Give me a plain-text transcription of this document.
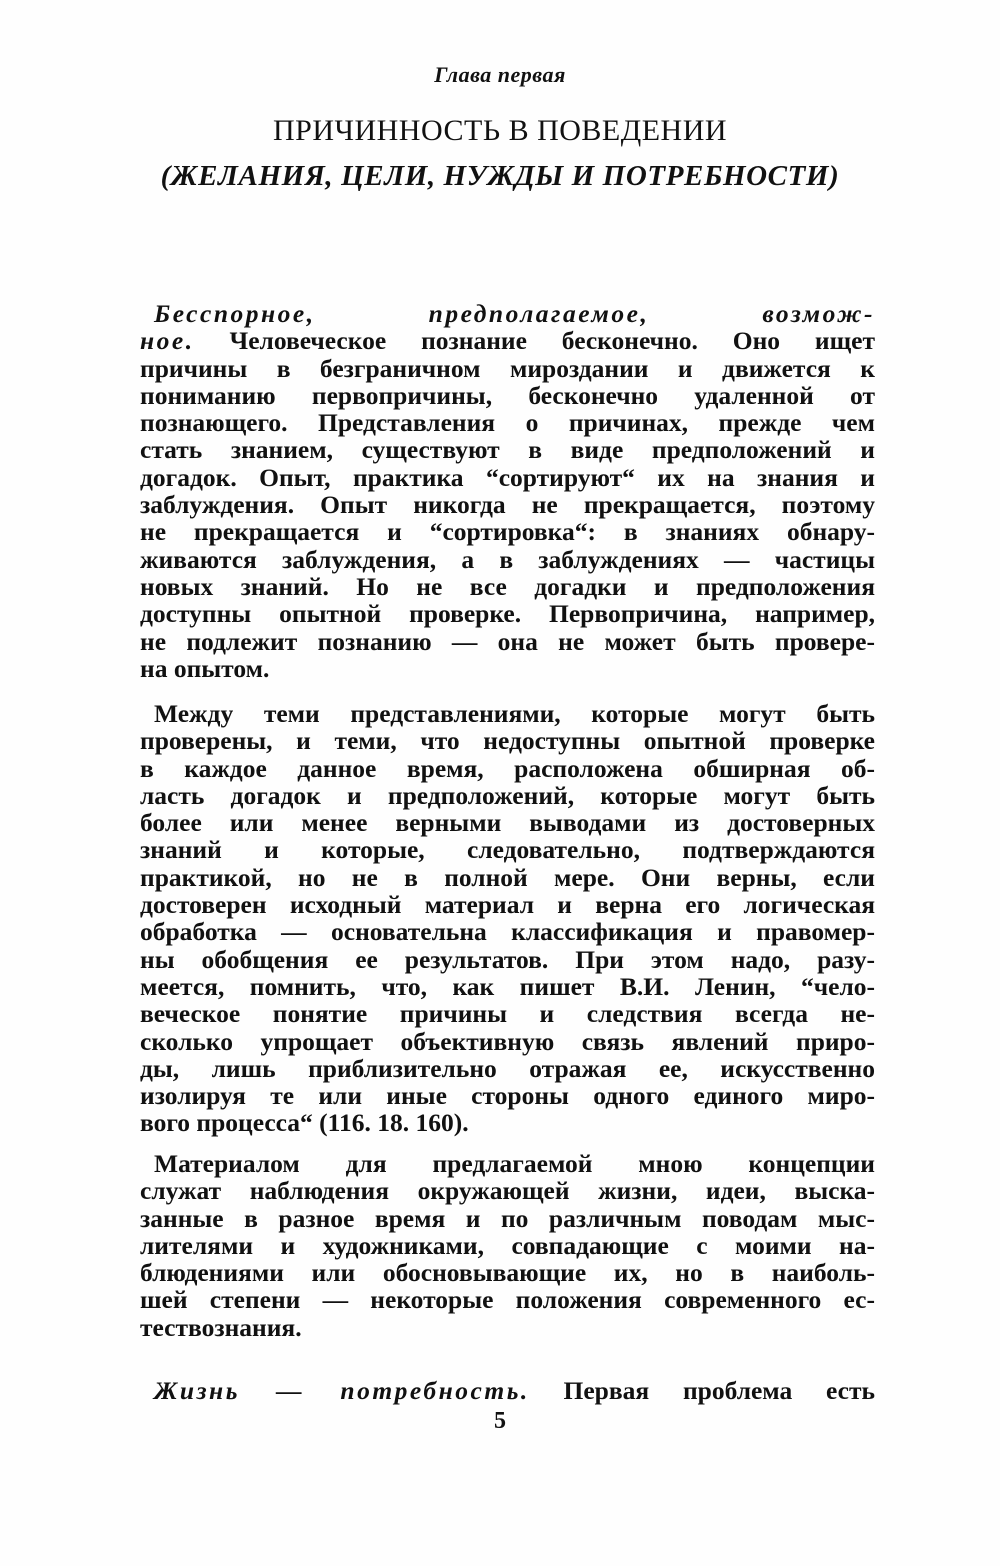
Глава первая
ПРИЧИННОСТЬ В ПОВЕДЕНИИ
(ЖЕЛАНИЯ, ЦЕЛИ, НУЖДЫ И ПОТРЕБНОСТИ)
Бесспорное,	предполагаемое,	возмож-
ное. Человеческое познание бесконечно. Оно ищет
причины в безграничном мироздании и движется к
пониманию первопричины, бесконечно удаленной от
познающего. Представления о причинах, прежде чем
стать знанием, существуют в виде предположений и
догадок. Опыт, практика “сортируют“ их на знания и
заблуждения. Опыт никогда не прекращается, поэтому
не прекращается и “сортировка“: в знаниях обнару-
живаются заблуждения, а в заблуждениях — частицы
новых знаний. Но не все догадки и предположения
доступны опытной проверке. Первопричина, например,
не подлежит познанию — она не может быть провере-
на опытом.
Между теми представлениями, которые могут быть
проверены, и теми, что недоступны опытной проверке
в каждое данное время, расположена обширная об-
ласть догадок и предположений, которые могут быть
более или менее верными выводами из достоверных
знаний и которые, следовательно, подтверждаются
практикой, но не в полной мере. Они верны, если
достоверен исходный материал и верна его логическая
обработка — основательна классификация и правомер-
ны обобщения ее результатов. При этом надо, разу-
меется, помнить, что, как пишет В.И. Ленин, “чело-
веческое понятие причины и следствия всегда не-
сколько упрощает объективную связь явлений приро-
ды, лишь приблизительно отражая ее, искусственно
изолируя те или иные стороны одного единого миро-
вого процесса“ (116. 18. 160).
Материалом для предлагаемой мною концепции
служат наблюдения окружающей жизни, идеи, выска-
занные в разное время и по различным поводам мыс-
лителями и художниками, совпадающие с моими на-
блюдениями или обосновывающие их, но в наиболь-
шей степени — некоторые положения современного ес-
тествознания.
Жизнь — потребность. Первая проблема есть
5
